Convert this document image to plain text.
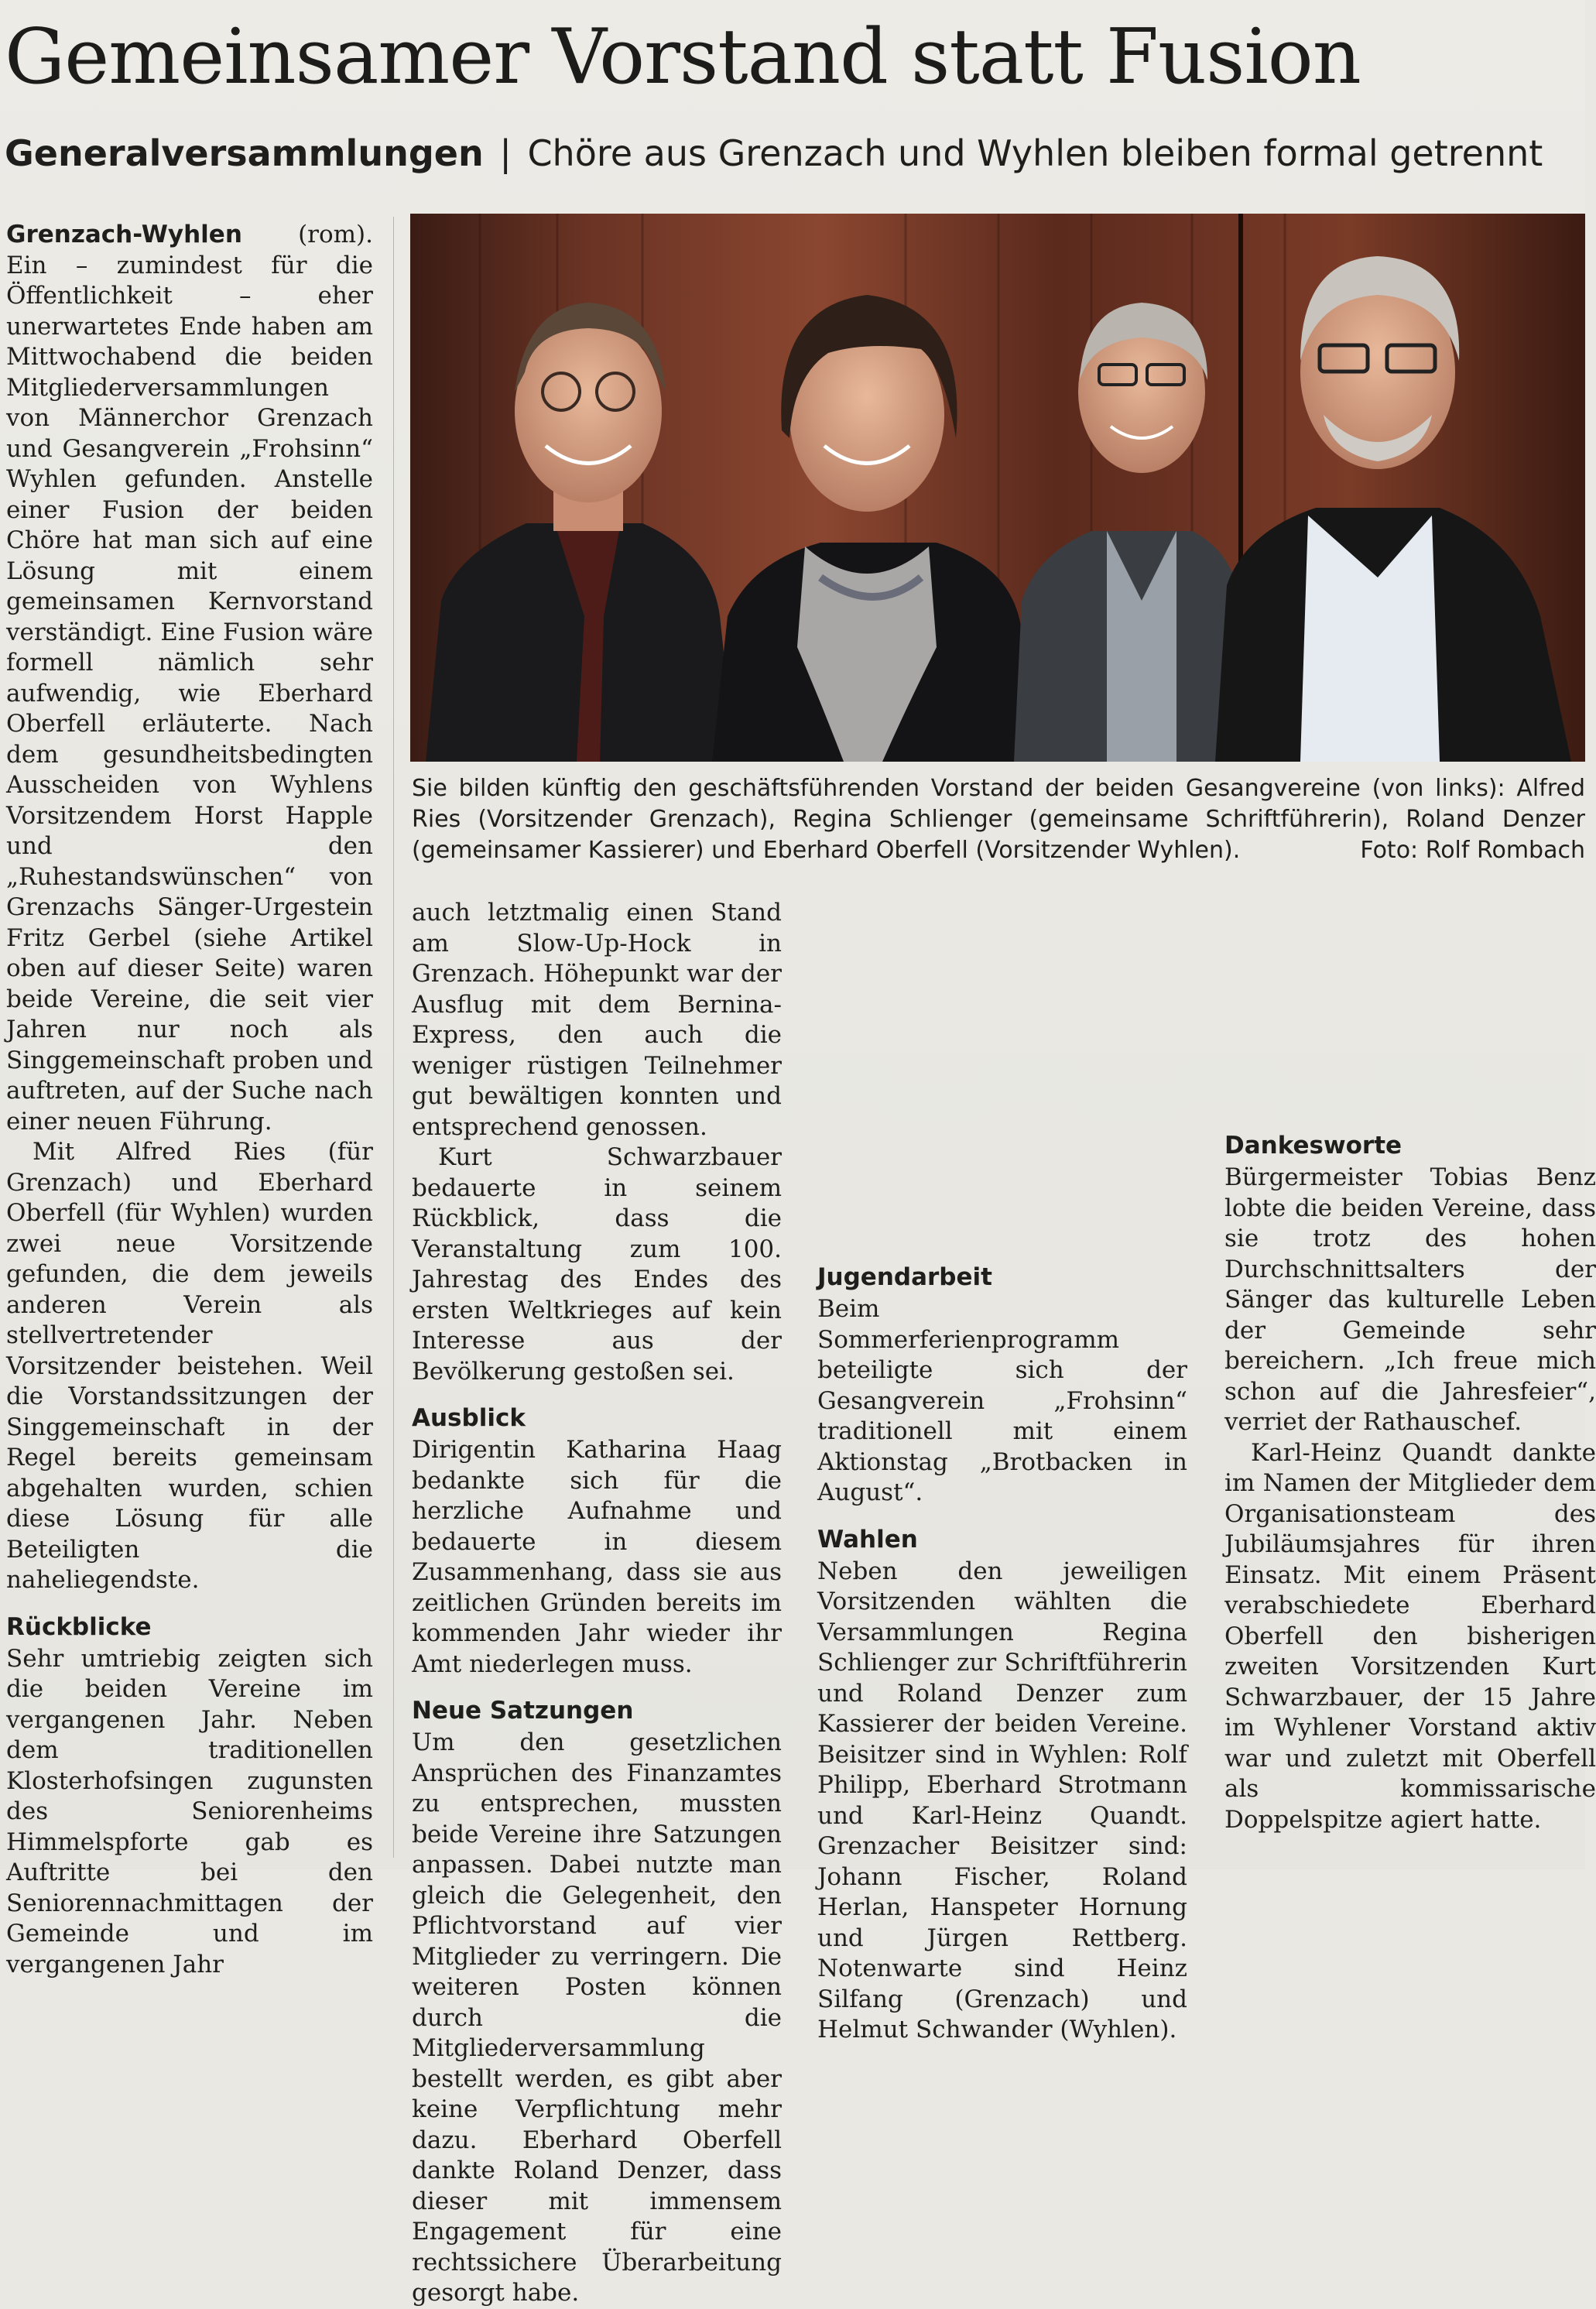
Gemeinsamer Vorstand statt Fusion
Generalversammlungen | Chöre aus Grenzach und Wyhlen bleiben formal getrennt

Grenzach-Wyhlen (rom). Ein – zumindest für die Öffentlichkeit – eher unerwartetes Ende haben am Mittwochabend die beiden Mitgliederversammlungen von Männerchor Grenzach und Gesangverein „Frohsinn“ Wyhlen gefunden. Anstelle einer Fusion der beiden Chöre hat man sich auf eine Lösung mit einem gemeinsamen Kernvorstand verständigt. Eine Fusion wäre formell nämlich sehr aufwendig, wie Eberhard Oberfell erläuterte. Nach dem gesundheitsbedingten Ausscheiden von Wyhlens Vorsitzendem Horst Happle und den „Ruhestandswünschen“ von Grenzachs Sänger-Urgestein Fritz Gerbel (siehe Artikel oben auf dieser Seite) waren beide Vereine, die seit vier Jahren nur noch als Singgemeinschaft proben und auftreten, auf der Suche nach einer neuen Führung.

Mit Alfred Ries (für Grenzach) und Eberhard Oberfell (für Wyhlen) wurden zwei neue Vorsitzende gefunden, die dem jeweils anderen Verein als stellvertretender Vorsitzender beistehen. Weil die Vorstandssitzungen der Singgemeinschaft in der Regel bereits gemeinsam abgehalten wurden, schien diese Lösung für alle Beteiligten die naheliegendste.

Rückblicke

Sehr umtriebig zeigten sich die beiden Vereine im vergangenen Jahr. Neben dem traditionellen Klosterhofsingen zugunsten des Seniorenheims Himmelspforte gab es Auftritte bei den Seniorennachmittagen der Gemeinde und im vergangenen Jahr

Sie bilden künftig den geschäftsführenden Vorstand der beiden Gesangvereine (von links): Alfred Ries (Vorsitzender Grenzach), Regina Schlienger (gemeinsame Schriftführerin), Roland Denzer (gemeinsamer Kassierer) und Eberhard Oberfell (Vorsitzender Wyhlen).	Foto: Rolf Rombach

auch letztmalig einen Stand am Slow-Up-Hock in Grenzach. Höhepunkt war der Ausflug mit dem Bernina-Express, den auch die weniger rüstigen Teilnehmer gut bewältigen konnten und entsprechend genossen.

Kurt Schwarzbauer bedauerte in seinem Rückblick, dass die Veranstaltung zum 100. Jahrestag des Endes des ersten Weltkrieges auf kein Interesse aus der Bevölkerung gestoßen sei.

Ausblick

Dirigentin Katharina Haag bedankte sich für die herzliche Aufnahme und bedauerte in diesem Zusammenhang, dass sie aus zeitlichen Gründen bereits im kommenden Jahr wieder ihr Amt niederlegen muss.

Neue Satzungen

Um den gesetzlichen Ansprüchen des Finanzamtes zu entsprechen, mussten beide Vereine ihre Satzungen anpassen. Dabei nutzte man gleich die Gelegenheit, den Pflichtvorstand auf vier Mitglieder zu verringern. Die weiteren Posten können durch die Mitgliederversammlung bestellt werden, es gibt aber keine Verpflichtung mehr dazu. Eberhard Oberfell dankte Roland Denzer, dass dieser mit immensem Engagement für eine rechtssichere Überarbeitung gesorgt habe.

Jugendarbeit

Beim Sommerferienprogramm beteiligte sich der Gesangverein „Frohsinn“ traditionell mit einem Aktionstag „Brotbacken in August“.

Wahlen

Neben den jeweiligen Vorsitzenden wählten die Versammlungen Regina Schlienger zur Schriftführerin und Roland Denzer zum Kassierer der beiden Vereine. Beisitzer sind in Wyhlen: Rolf Philipp, Eberhard Strotmann und Karl-Heinz Quandt. Grenzacher Beisitzer sind: Johann Fischer, Roland Herlan, Hanspeter Hornung und Jürgen Rettberg. Notenwarte sind Heinz Silfang (Grenzach) und Helmut Schwander (Wyhlen).

Dankesworte

Bürgermeister Tobias Benz lobte die beiden Vereine, dass sie trotz des hohen Durchschnittsalters der Sänger das kulturelle Leben der Gemeinde sehr bereichern. „Ich freue mich schon auf die Jahresfeier“, verriet der Rathauschef.

Karl-Heinz Quandt dankte im Namen der Mitglieder dem Organisationsteam des Jubiläumsjahres für ihren Einsatz. Mit einem Präsent verabschiedete Eberhard Oberfell den bisherigen zweiten Vorsitzenden Kurt Schwarzbauer, der 15 Jahre im Wyhlener Vorstand aktiv war und zuletzt mit Oberfell als kommissarische Doppelspitze agiert hatte.
